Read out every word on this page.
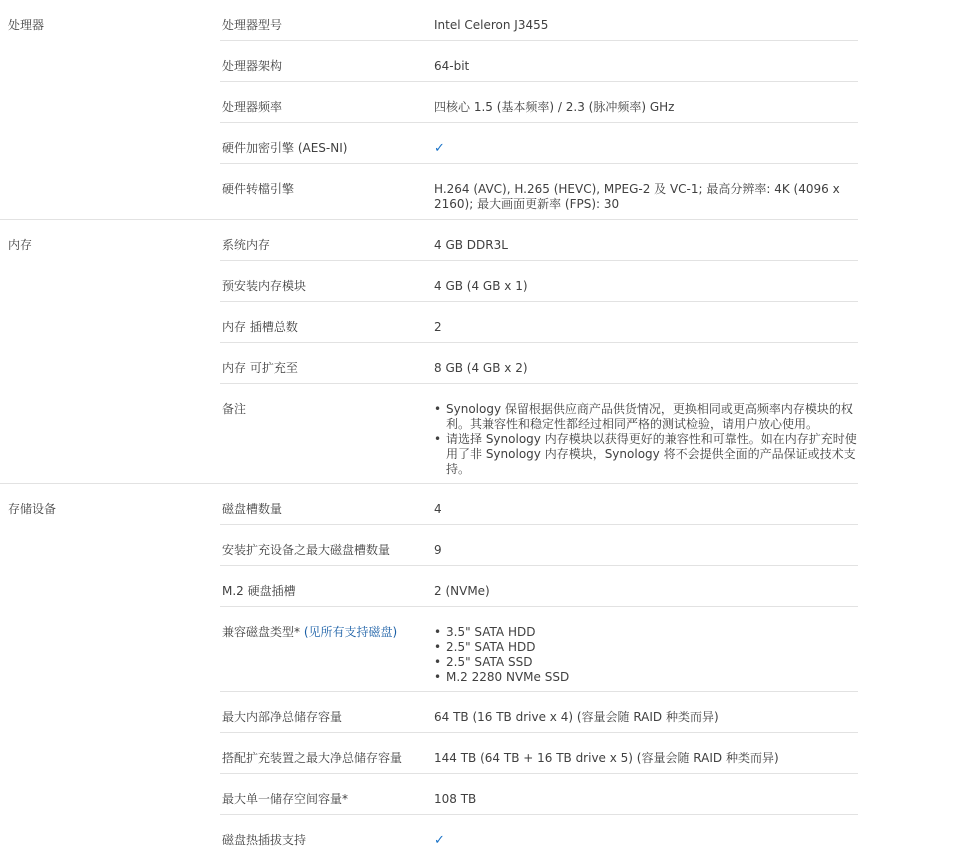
处理器	处理器型号	Intel Celeron J3455
处理器架构	64-bit
处理器频率	四核心 1.5 (基本频率) / 2.3 (脉冲频率) GHz
硬件加密引擎 (AES-NI)	✓
硬件转檔引擎	H.264 (AVC), H.265 (HEVC), MPEG-2 及 VC-1; 最高分辨率: 4K (4096 x 2160); 最大画面更新率 (FPS): 30
内存	系统内存	4 GB DDR3L
预安装内存模块	4 GB (4 GB x 1)
内存 插槽总数	2
内存 可扩充至	8 GB (4 GB x 2)
备注	• Synology 保留根据供应商产品供货情况，更换相同或更高频率内存模块的权利。其兼容性和稳定性都经过相同严格的测试检验，请用户放心使用。
• 请选择 Synology 内存模块以获得更好的兼容性和可靠性。如在内存扩充时使用了非 Synology 内存模块，Synology 将不会提供全面的产品保证或技术支持。
存储设备	磁盘槽数量	4
安装扩充设备之最大磁盘槽数量	9
M.2 硬盘插槽	2 (NVMe)
兼容磁盘类型* (见所有支持磁盘)	• 3.5" SATA HDD
• 2.5" SATA HDD
• 2.5" SATA SSD
• M.2 2280 NVMe SSD
最大内部净总储存容量	64 TB (16 TB drive x 4) (容量会随 RAID 种类而异)
搭配扩充装置之最大净总储存容量	144 TB (64 TB + 16 TB drive x 5) (容量会随 RAID 种类而异)
最大单一储存空间容量*	108 TB
磁盘热插拔支持	✓
